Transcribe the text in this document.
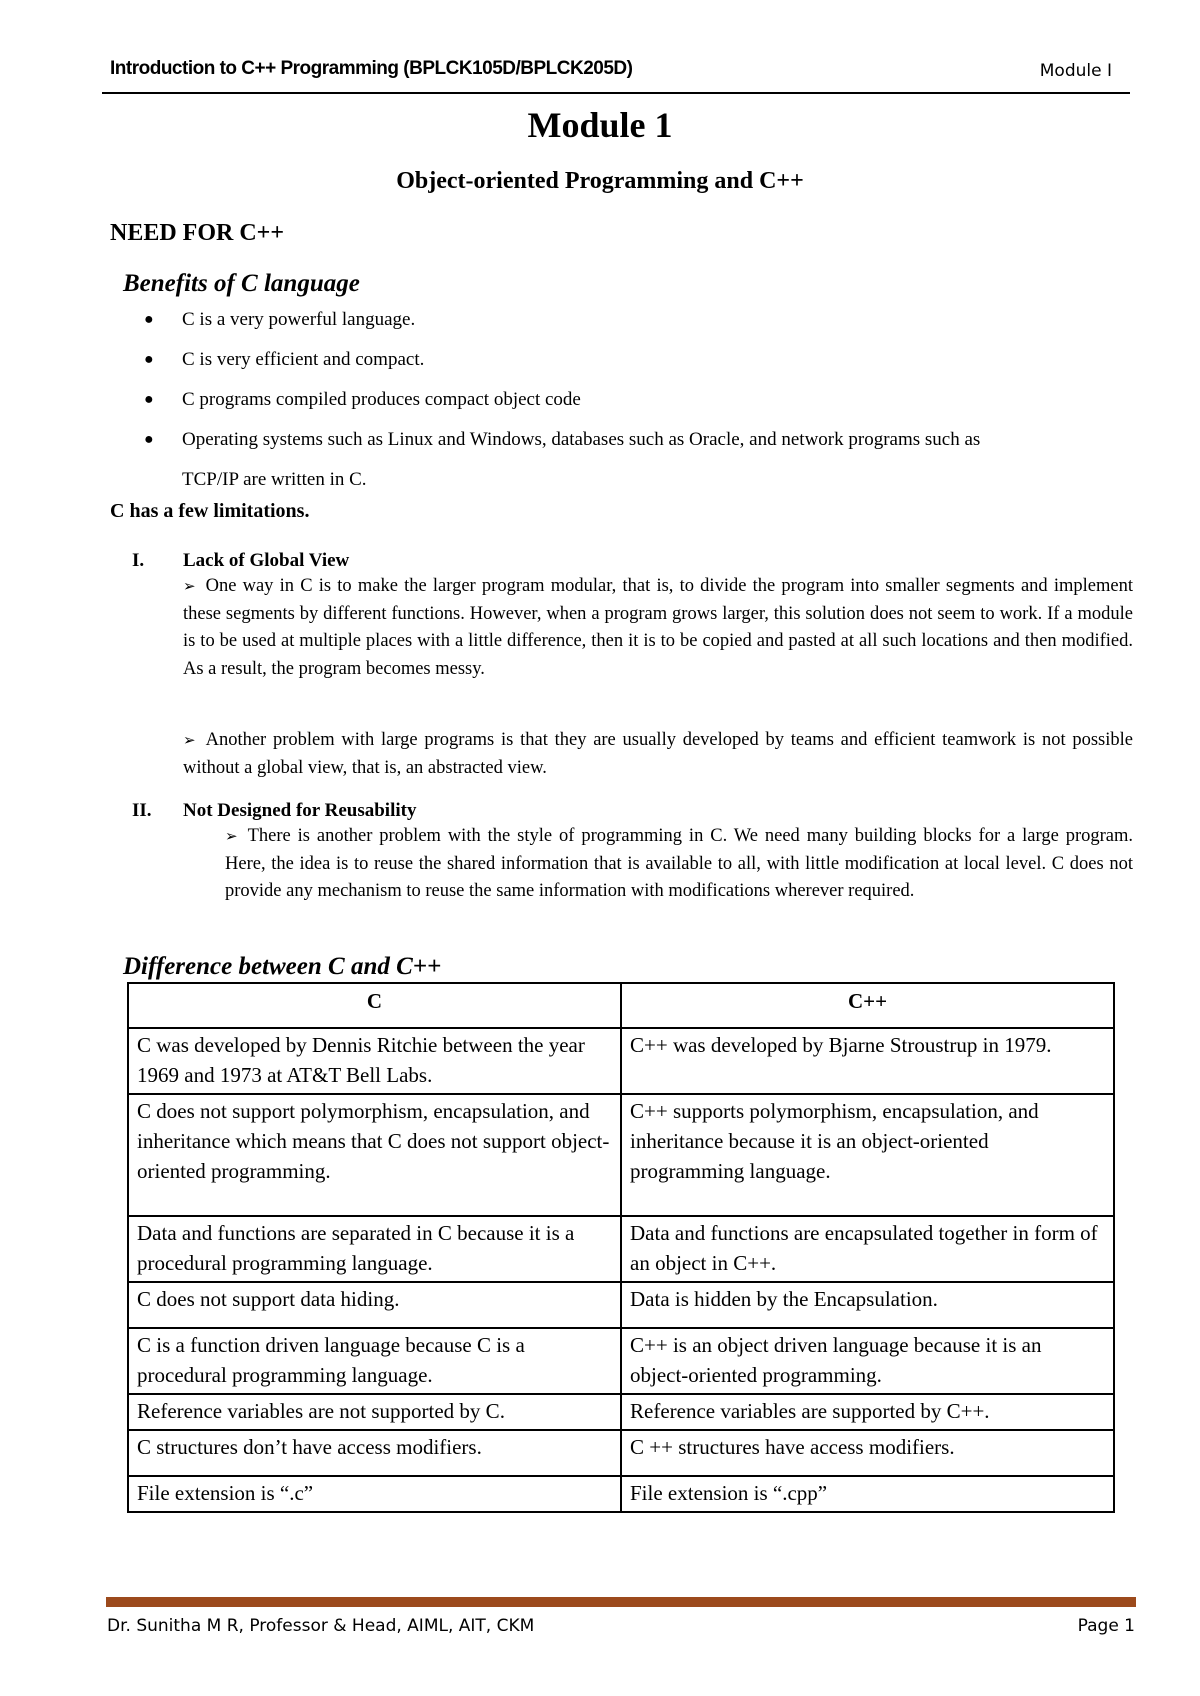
Introduction to C++ Programming (BPLCK105D/BPLCK205D)	Module I
Module 1
Object-oriented Programming and C++
NEED FOR C++
Benefits of C language
● C is a very powerful language.
● C is very efficient and compact.
● C programs compiled produces compact object code
● Operating systems such as Linux and Windows, databases such as Oracle, and network programs such as
TCP/IP are written in C.
C has a few limitations.
I. Lack of Global View
➢ One way in C is to make the larger program modular, that is, to divide the program into smaller segments and implement these segments by different functions. However, when a program grows larger, this solution does not seem to work. If a module is to be used at multiple places with a little difference, then it is to be copied and pasted at all such locations and then modified. As a result, the program becomes messy.
➢ Another problem with large programs is that they are usually developed by teams and efficient teamwork is not possible without a global view, that is, an abstracted view.
II. Not Designed for Reusability
➢ There is another problem with the style of programming in C. We need many building blocks for a large program. Here, the idea is to reuse the shared information that is available to all, with little modification at local level. C does not provide any mechanism to reuse the same information with modifications wherever required.
Difference between C and C++
C	C++
C was developed by Dennis Ritchie between the year 1969 and 1973 at AT&T Bell Labs.	C++ was developed by Bjarne Stroustrup in 1979.
C does not support polymorphism, encapsulation, and inheritance which means that C does not support object-oriented programming.	C++ supports polymorphism, encapsulation, and inheritance because it is an object-oriented programming language.
Data and functions are separated in C because it is a procedural programming language.	Data and functions are encapsulated together in form of an object in C++.
C does not support data hiding.	Data is hidden by the Encapsulation.
C is a function driven language because C is a procedural programming language.	C++ is an object driven language because it is an object-oriented programming.
Reference variables are not supported by C.	Reference variables are supported by C++.
C structures don’t have access modifiers.	C ++ structures have access modifiers.
File extension is “.c”	File extension is “.cpp”
Dr. Sunitha M R, Professor & Head, AIML, AIT, CKM	Page 1
